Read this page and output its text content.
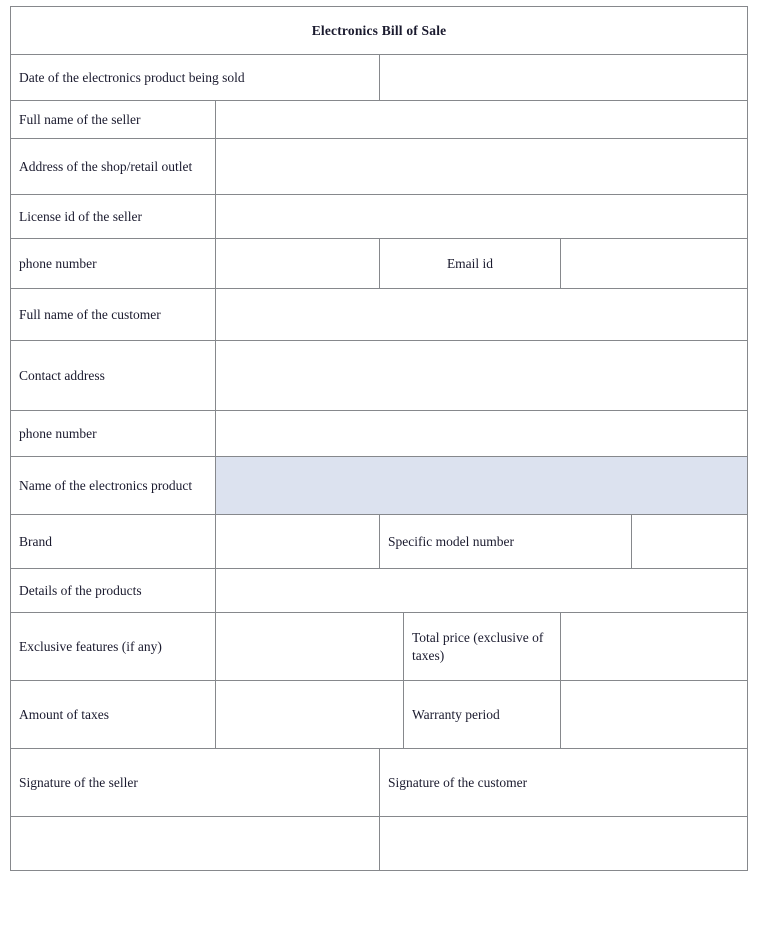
Electronics Bill of Sale					
Date of the electronics product being sold					
Full name of the seller					
Address of the shop/retail outlet					
License id of the seller					
phone number		Email id			
Full name of the customer					
Contact address					
phone number					
Name of the electronics product					
Brand		Specific model number			
Details of the products					
Exclusive features (if any)			Total price (exclusive of taxes)		
Amount of taxes			Warranty period		
Signature of the seller		Signature of the customer			
